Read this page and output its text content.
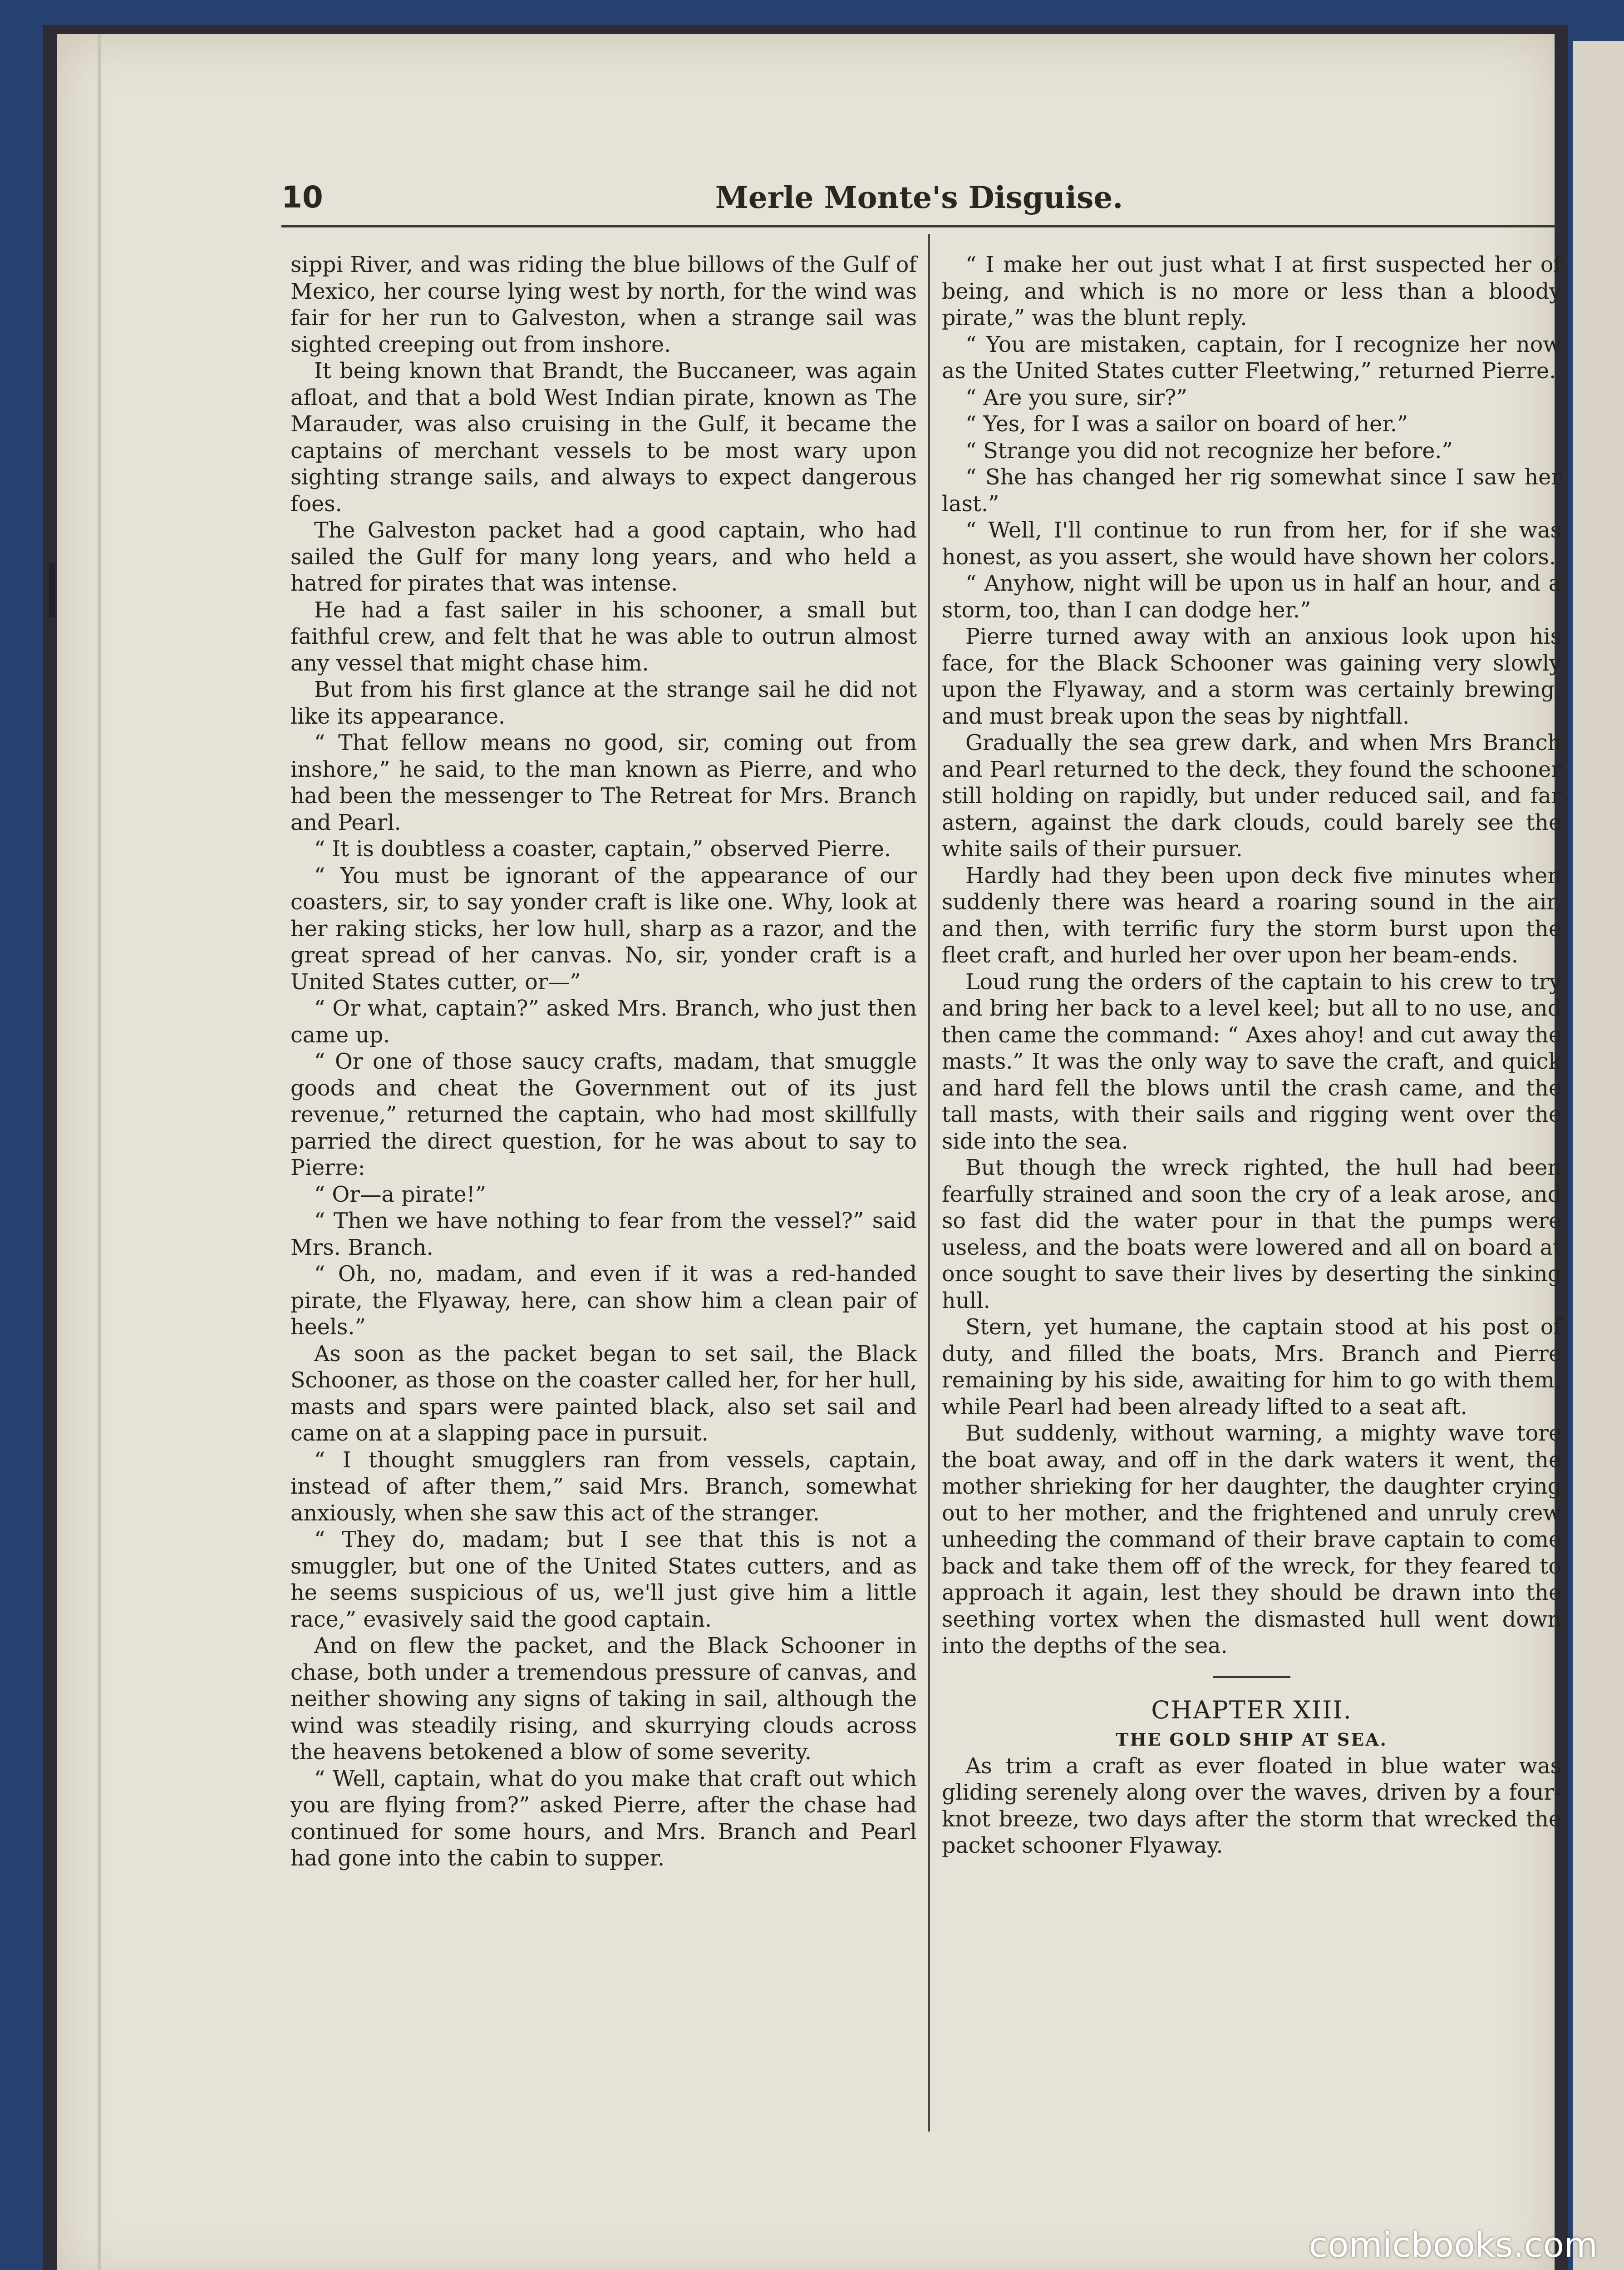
10	Merle Monte's Disguise.

sippi River, and was riding the blue billows of the Gulf of Mexico, her course lying west by north, for the wind was fair for her run to Galveston, when a strange sail was sighted creeping out from inshore.

It being known that Brandt, the Buccaneer, was again afloat, and that a bold West Indian pirate, known as The Marauder, was also cruising in the Gulf, it became the captains of merchant vessels to be most wary upon sighting strange sails, and always to expect dangerous foes.

The Galveston packet had a good captain, who had sailed the Gulf for many long years, and who held a hatred for pirates that was intense.

He had a fast sailer in his schooner, a small but faithful crew, and felt that he was able to outrun almost any vessel that might chase him.

But from his first glance at the strange sail he did not like its appearance.

“ That fellow means no good, sir, coming out from inshore,” he said, to the man known as Pierre, and who had been the messenger to The Retreat for Mrs. Branch and Pearl.

“ It is doubtless a coaster, captain,” observed Pierre.

“ You must be ignorant of the appearance of our coasters, sir, to say yonder craft is like one. Why, look at her raking sticks, her low hull, sharp as a razor, and the great spread of her canvas. No, sir, yonder craft is a United States cutter, or—”

“ Or what, captain?” asked Mrs. Branch, who just then came up.

“ Or one of those saucy crafts, madam, that smuggle goods and cheat the Government out of its just revenue,” returned the captain, who had most skillfully parried the direct question, for he was about to say to Pierre:

“ Or—a pirate!”

“ Then we have nothing to fear from the vessel?” said Mrs. Branch.

“ Oh, no, madam, and even if it was a red-handed pirate, the Flyaway, here, can show him a clean pair of heels.”

As soon as the packet began to set sail, the Black Schooner, as those on the coaster called her, for her hull, masts and spars were painted black, also set sail and came on at a slapping pace in pursuit.

“ I thought smugglers ran from vessels, captain, instead of after them,” said Mrs. Branch, somewhat anxiously, when she saw this act of the stranger.

“ They do, madam; but I see that this is not a smuggler, but one of the United States cutters, and as he seems suspicious of us, we'll just give him a little race,” evasively said the good captain.

And on flew the packet, and the Black Schooner in chase, both under a tremendous pressure of canvas, and neither showing any signs of taking in sail, although the wind was steadily rising, and skurrying clouds across the heavens betokened a blow of some severity.

“ Well, captain, what do you make that craft out which you are flying from?” asked Pierre, after the chase had continued for some hours, and Mrs. Branch and Pearl had gone into the cabin to supper.

“ I make her out just what I at first suspected her of being, and which is no more or less than a bloody pirate,” was the blunt reply.

“ You are mistaken, captain, for I recognize her now as the United States cutter Fleetwing,” returned Pierre.

“ Are you sure, sir?”

“ Yes, for I was a sailor on board of her.”

“ Strange you did not recognize her before.”

“ She has changed her rig somewhat since I saw her last.”

“ Well, I'll continue to run from her, for if she was honest, as you assert, she would have shown her colors.

“ Anyhow, night will be upon us in half an hour, and a storm, too, than I can dodge her.”

Pierre turned away with an anxious look upon his face, for the Black Schooner was gaining very slowly upon the Flyaway, and a storm was certainly brewing, and must break upon the seas by nightfall.

Gradually the sea grew dark, and when Mrs Branch and Pearl returned to the deck, they found the schooner still holding on rapidly, but under reduced sail, and far astern, against the dark clouds, could barely see the white sails of their pursuer.

Hardly had they been upon deck five minutes when suddenly there was heard a roaring sound in the air, and then, with terrific fury the storm burst upon the fleet craft, and hurled her over upon her beam-ends.

Loud rung the orders of the captain to his crew to try and bring her back to a level keel; but all to no use, and then came the command: “ Axes ahoy! and cut away the masts.” It was the only way to save the craft, and quick and hard fell the blows until the crash came, and the tall masts, with their sails and rigging went over the side into the sea.

But though the wreck righted, the hull had been fearfully strained and soon the cry of a leak arose, and so fast did the water pour in that the pumps were useless, and the boats were lowered and all on board at once sought to save their lives by deserting the sinking hull.

Stern, yet humane, the captain stood at his post of duty, and filled the boats, Mrs. Branch and Pierre remaining by his side, awaiting for him to go with them, while Pearl had been already lifted to a seat aft.

But suddenly, without warning, a mighty wave tore the boat away, and off in the dark waters it went, the mother shrieking for her daughter, the daughter crying out to her mother, and the frightened and unruly crew unheeding the command of their brave captain to come back and take them off of the wreck, for they feared to approach it again, lest they should be drawn into the seething vortex when the dismasted hull went down into the depths of the sea.

CHAPTER XIII.

THE GOLD SHIP AT SEA.

As trim a craft as ever floated in blue water was gliding serenely along over the waves, driven by a four-knot breeze, two days after the storm that wrecked the packet schooner Flyaway.

comicbooks.com
